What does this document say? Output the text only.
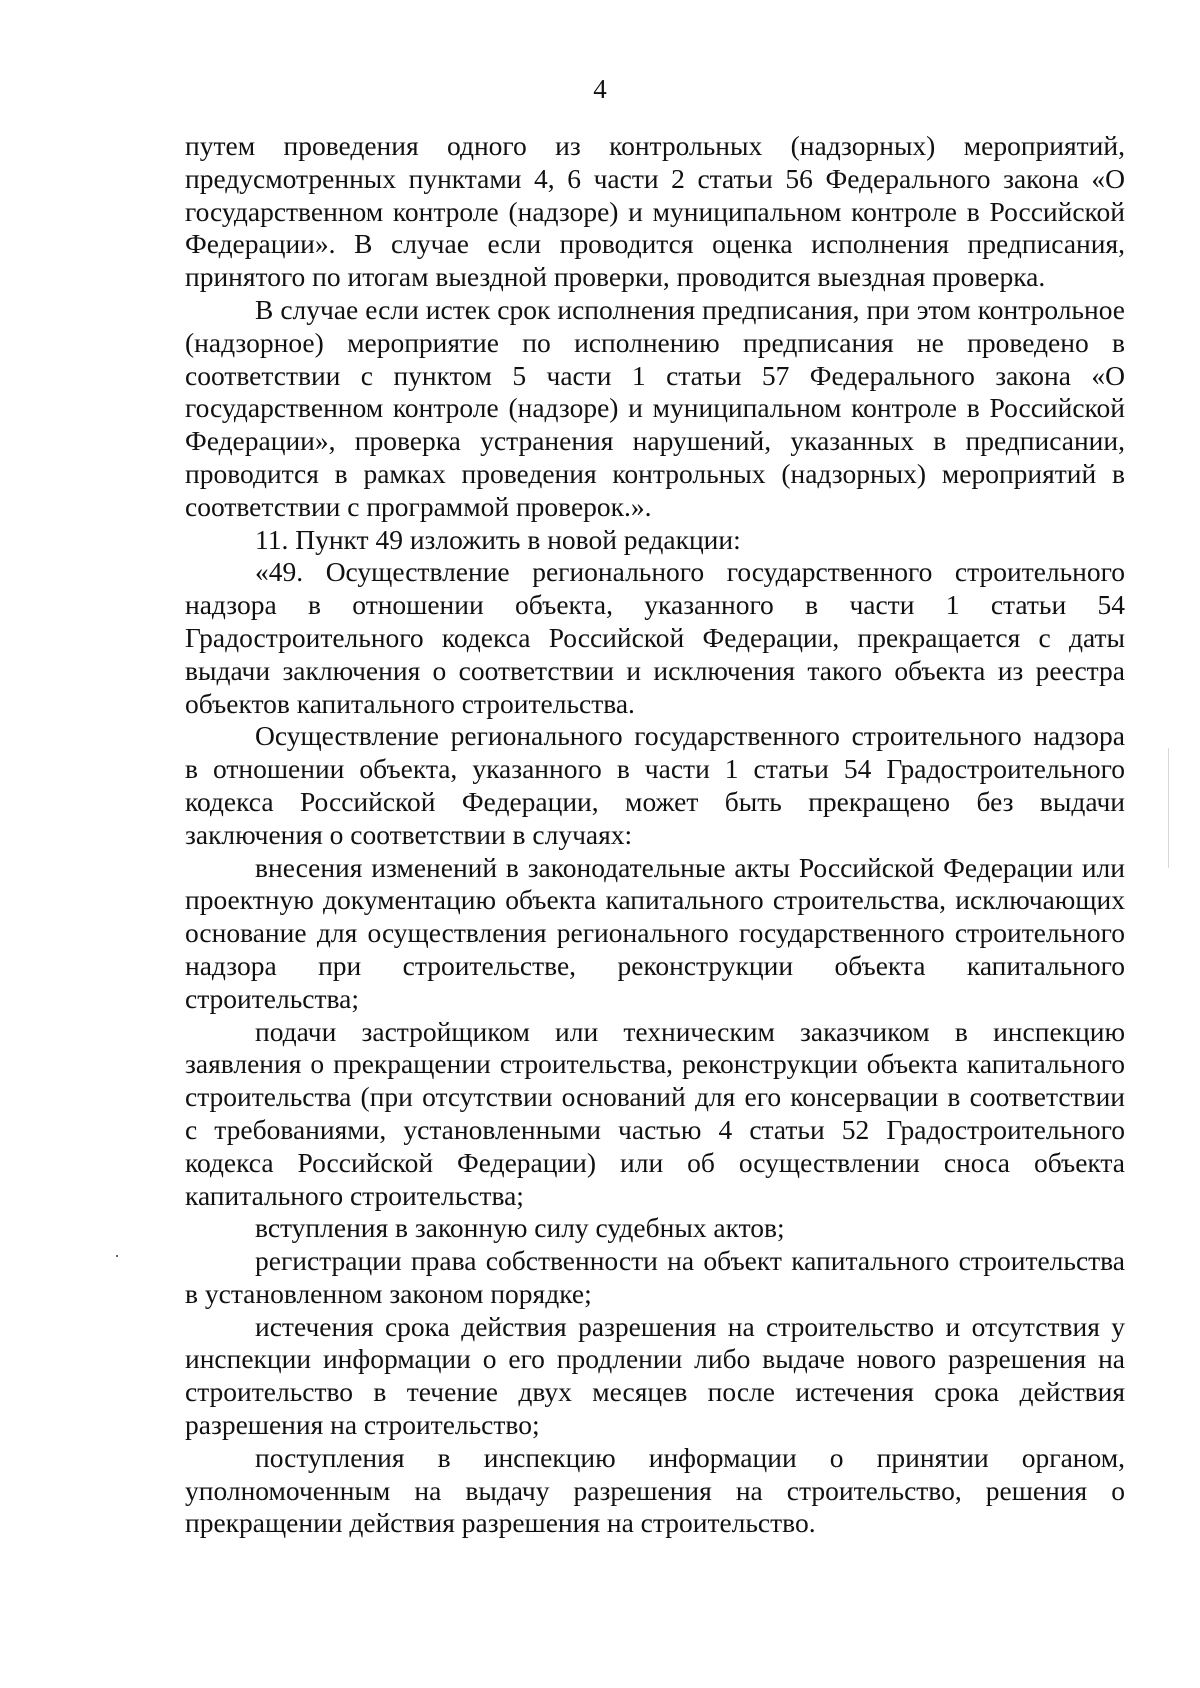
4

путем проведения одного из контрольных (надзорных) мероприятий, предусмотренных пунктами 4, 6 части 2 статьи 56 Федерального закона «О государственном контроле (надзоре) и муниципальном контроле в Российской Федерации». В случае если проводится оценка исполнения предписания, принятого по итогам выездной проверки, проводится выездная проверка.

В случае если истек срок исполнения предписания, при этом контрольное (надзорное) мероприятие по исполнению предписания не проведено в соответствии с пунктом 5 части 1 статьи 57 Федерального закона «О государственном контроле (надзоре) и муниципальном контроле в Российской Федерации», проверка устранения нарушений, указанных в предписании, проводится в рамках проведения контрольных (надзорных) мероприятий в соответствии с программой проверок.».

11. Пункт 49 изложить в новой редакции:

«49. Осуществление регионального государственного строительного надзора в отношении объекта, указанного в части 1 статьи 54 Градостроительного кодекса Российской Федерации, прекращается с даты выдачи заключения о соответствии и исключения такого объекта из реестра объектов капитального строительства.

Осуществление регионального государственного строительного надзора в отношении объекта, указанного в части 1 статьи 54 Градостроительного кодекса Российской Федерации, может быть прекращено без выдачи заключения о соответствии в случаях:

внесения изменений в законодательные акты Российской Федерации или проектную документацию объекта капитального строительства, исключающих основание для осуществления регионального государственного строительного надзора при строительстве, реконструкции объекта капитального строительства;

подачи застройщиком или техническим заказчиком в инспекцию заявления о прекращении строительства, реконструкции объекта капитального строительства (при отсутствии оснований для его консервации в соответствии с требованиями, установленными частью 4 статьи 52 Градостроительного кодекса Российской Федерации) или об осуществлении сноса объекта капитального строительства;

вступления в законную силу судебных актов;

регистрации права собственности на объект капитального строительства в установленном законом порядке;

истечения срока действия разрешения на строительство и отсутствия у инспекции информации о его продлении либо выдаче нового разрешения на строительство в течение двух месяцев после истечения срока действия разрешения на строительство;

поступления в инспекцию информации о принятии органом, уполномоченным на выдачу разрешения на строительство, решения о прекращении действия разрешения на строительство.
